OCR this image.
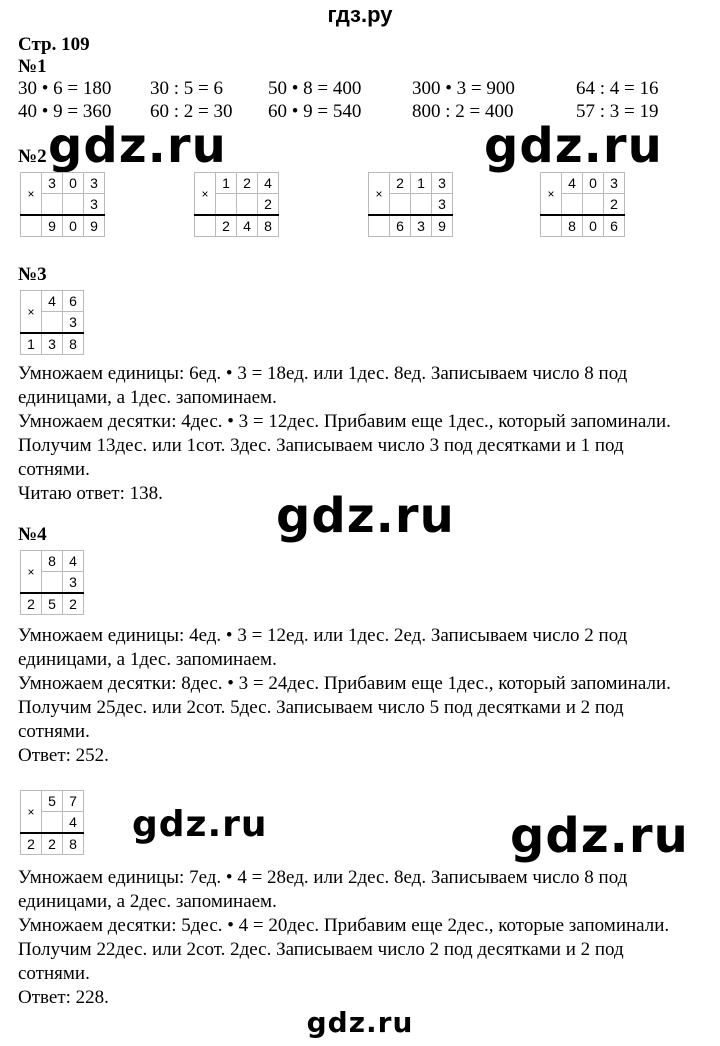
гдз.ру
Стр. 109
№1
30 • 6 = 180 30 : 5 = 6 50 • 8 = 400	300 • 3 = 900	64 : 4 = 16
40 • 9 = 360 60 : 2 = 30 60 • 9 = 540	800 : 2 = 400	57 : 3 = 19
№2 gdz.ru	gdz.ru
×	3	0	3
			3
	9	0	9
×	1	2	4
			2
	2	4	8
×	2	1	3
			3
	6	3	9
×	4	0	3
			2
	8	0	6
№3
×	4	6
		3
1	3	8
Умножаем единицы: 6ед. • 3 = 18ед. или 1дес. 8ед. Записываем число 8 под
единицами, а 1дес. запоминаем.
Умножаем десятки: 4дес. • 3 = 12дес. Прибавим еще 1дес., который запоминали.
Получим 13дес. или 1сот. 3дес. Записываем число 3 под десятками и 1 под
сотнями.
Читаю ответ: 138.	gdz.ru
№4
×	8	4
		3
2	5	2
Умножаем единицы: 4ед. • 3 = 12ед. или 1дес. 2ед. Записываем число 2 под
единицами, а 1дес. запоминаем.
Умножаем десятки: 8дес. • 3 = 24дес. Прибавим еще 1дес., который запоминали.
Получим 25дес. или 2сот. 5дес. Записываем число 5 под десятками и 2 под
сотнями.
Ответ: 252.
×	5	7
		4
2	2	8 gdz.ru	gdz.ru
Умножаем единицы: 7ед. • 4 = 28ед. или 2дес. 8ед. Записываем число 8 под
единицами, а 2дес. запоминаем.
Умножаем десятки: 5дес. • 4 = 20дес. Прибавим еще 2дес., которые запоминали.
Получим 22дес. или 2сот. 2дес. Записываем число 2 под десятками и 2 под
сотнями.
Ответ: 228.
gdz.ru
